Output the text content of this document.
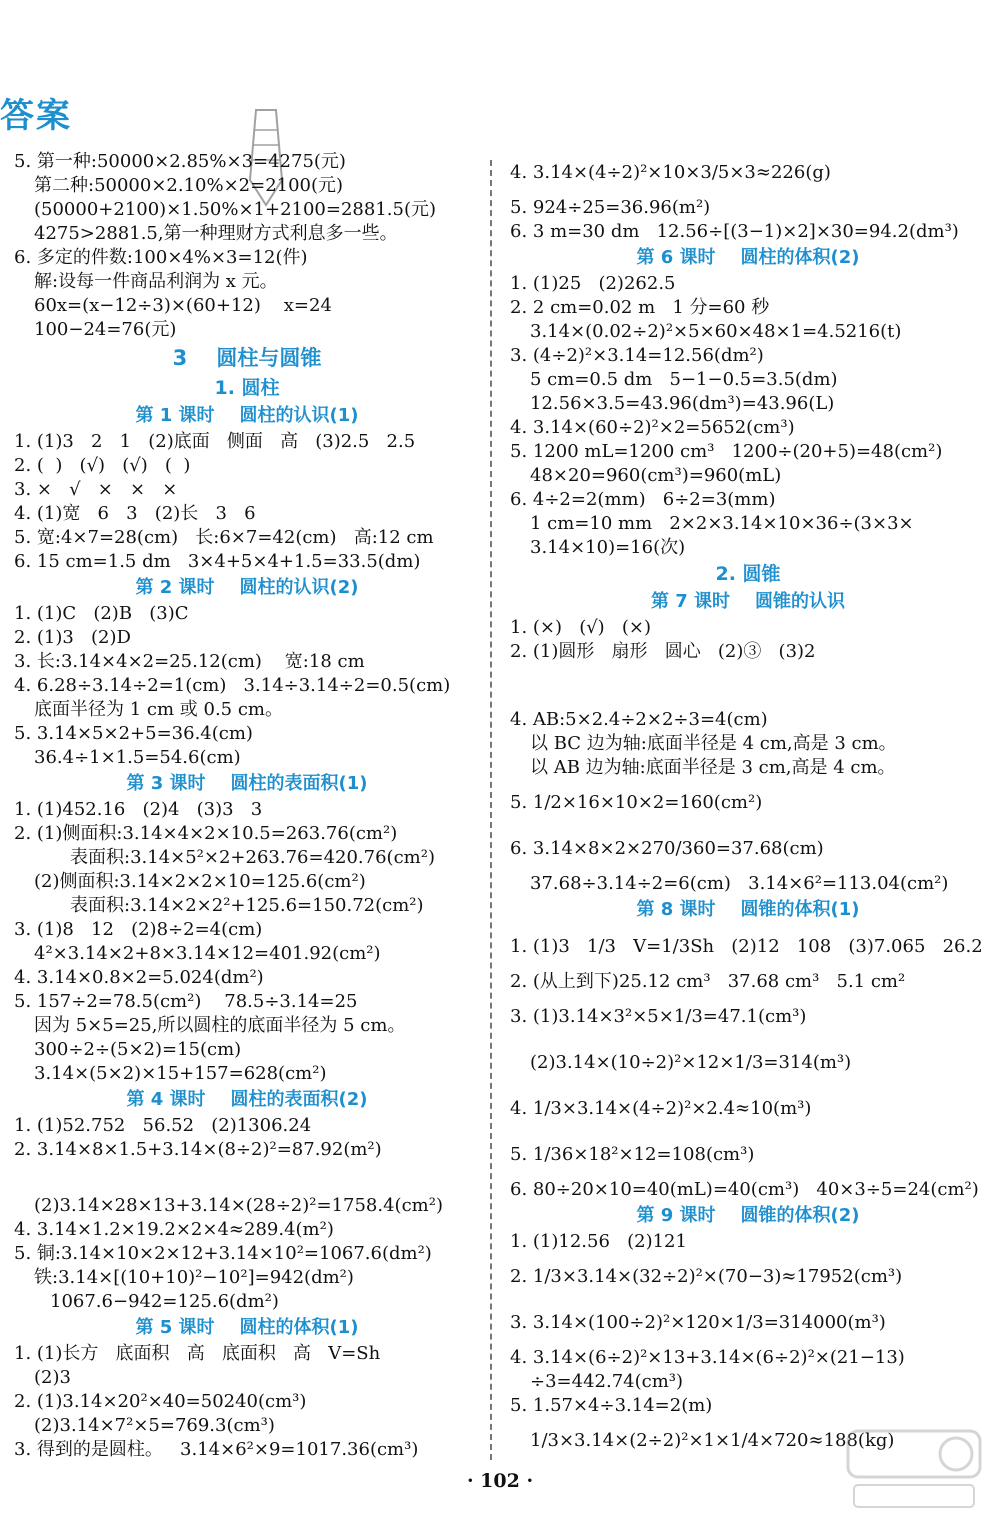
答案
5. 第一种:50000×2.85%×3=4275(元)
第二种:50000×2.10%×2=2100(元)
(50000+2100)×1.50%×1+2100=2881.5(元)
4275>2881.5,第一种理财方式利息多一些。
6. 多定的件数:100×4%×3=12(件)
解:设每一件商品利润为 x 元。
60x=(x−12÷3)×(60+12)    x=24
100−24=76(元)
3    圆柱与圆锥
1. 圆柱
第 1 课时    圆柱的认识(1)
1. (1)3   2   1   (2)底面   侧面   高   (3)2.5   2.5
2. (  )   (√)   (√)   (  )
3. ×   √   ×   ×   ×
4. (1)宽   6   3   (2)长   3   6
5. 宽:4×7=28(cm)   长:6×7=42(cm)   高:12 cm
6. 15 cm=1.5 dm   3×4+5×4+1.5=33.5(dm)
第 2 课时    圆柱的认识(2)
1. (1)C   (2)B   (3)C
2. (1)3   (2)D
3. 长:3.14×4×2=25.12(cm)    宽:18 cm
4. 6.28÷3.14÷2=1(cm)   3.14÷3.14÷2=0.5(cm)
底面半径为 1 cm 或 0.5 cm。
5. 3.14×5×2+5=36.4(cm)
36.4÷1×1.5=54.6(cm)
第 3 课时    圆柱的表面积(1)
1. (1)452.16   (2)4   (3)3   3
2. (1)侧面积:3.14×4×2×10.5=263.76(cm²)
表面积:3.14×5²×2+263.76=420.76(cm²)
(2)侧面积:3.14×2×2×10=125.6(cm²)
表面积:3.14×2×2²+125.6=150.72(cm²)
3. (1)8   12   (2)8÷2=4(cm)
4²×3.14×2+8×3.14×12=401.92(cm²)
4. 3.14×0.8×2=5.024(dm²)
5. 157÷2=78.5(cm²)    78.5÷3.14=25
因为 5×5=25,所以圆柱的底面半径为 5 cm。
300÷2÷(5×2)=15(cm)
3.14×(5×2)×15+157=628(cm²)
第 4 课时    圆柱的表面积(2)
1. (1)52.752   56.52   (2)1306.24
2. 3.14×8×1.5+3.14×(8÷2)²=87.92(m²)

(2)3.14×28×13+3.14×(28÷2)²=1758.4(cm²)
4. 3.14×1.2×19.2×2×4≈289.4(m²)
5. 铜:3.14×10×2×12+3.14×10²=1067.6(dm²)
铁:3.14×[(10+10)²−10²]=942(dm²)
1067.6−942=125.6(dm²)
第 5 课时    圆柱的体积(1)
1. (1)长方   底面积   高   底面积   高   V=Sh
(2)3
2. (1)3.14×20²×40=50240(cm³)
(2)3.14×7²×5=769.3(cm³)
3. 得到的是圆柱。   3.14×6²×9=1017.36(cm³)
4. 3.14×(4÷2)²×10×3/5×3≈226(g)
5. 924÷25=36.96(m²)
6. 3 m=30 dm   12.56÷[(3−1)×2]×30=94.2(dm³)
第 6 课时    圆柱的体积(2)
1. (1)25   (2)262.5
2. 2 cm=0.02 m   1 分=60 秒
3.14×(0.02÷2)²×5×60×48×1=4.5216(t)
3. (4÷2)²×3.14=12.56(dm²)
5 cm=0.5 dm   5−1−0.5=3.5(dm)
12.56×3.5=43.96(dm³)=43.96(L)
4. 3.14×(60÷2)²×2=5652(cm³)
5. 1200 mL=1200 cm³   1200÷(20+5)=48(cm²)
48×20=960(cm³)=960(mL)
6. 4÷2=2(mm)   6÷2=3(mm)
1 cm=10 mm   2×2×3.14×10×36÷(3×3×
3.14×10)=16(次)
2. 圆锥
第 7 课时    圆锥的认识
1. (×)   (√)   (×)
2. (1)圆形   扇形   圆心   (2)③   (3)2

4. AB:5×2.4÷2×2÷3=4(cm)
以 BC 边为轴:底面半径是 4 cm,高是 3 cm。
以 AB 边为轴:底面半径是 3 cm,高是 4 cm。
5. 1/2×16×10×2=160(cm²)
6. 3.14×8×2×270/360=37.68(cm)
37.68÷3.14÷2=6(cm)   3.14×6²=113.04(cm²)
第 8 课时    圆锥的体积(1)
1. (1)3   1/3   V=1/3Sh   (2)12   108   (3)7.065   26.2
2. (从上到下)25.12 cm³   37.68 cm³   5.1 cm²
3. (1)3.14×3²×5×1/3=47.1(cm³)
(2)3.14×(10÷2)²×12×1/3=314(m³)
4. 1/3×3.14×(4÷2)²×2.4≈10(m³)
5. 1/36×18²×12=108(cm³)
6. 80÷20×10=40(mL)=40(cm³)   40×3÷5=24(cm²)
第 9 课时    圆锥的体积(2)
1. (1)12.56   (2)121
2. 1/3×3.14×(32÷2)²×(70−3)≈17952(cm³)
3. 3.14×(100÷2)²×120×1/3=314000(m³)
4. 3.14×(6÷2)²×13+3.14×(6÷2)²×(21−13)
÷3=442.74(cm³)
5. 1.57×4÷3.14=2(m)
1/3×3.14×(2÷2)²×1×1/4×720≈188(kg)
· 102 ·
